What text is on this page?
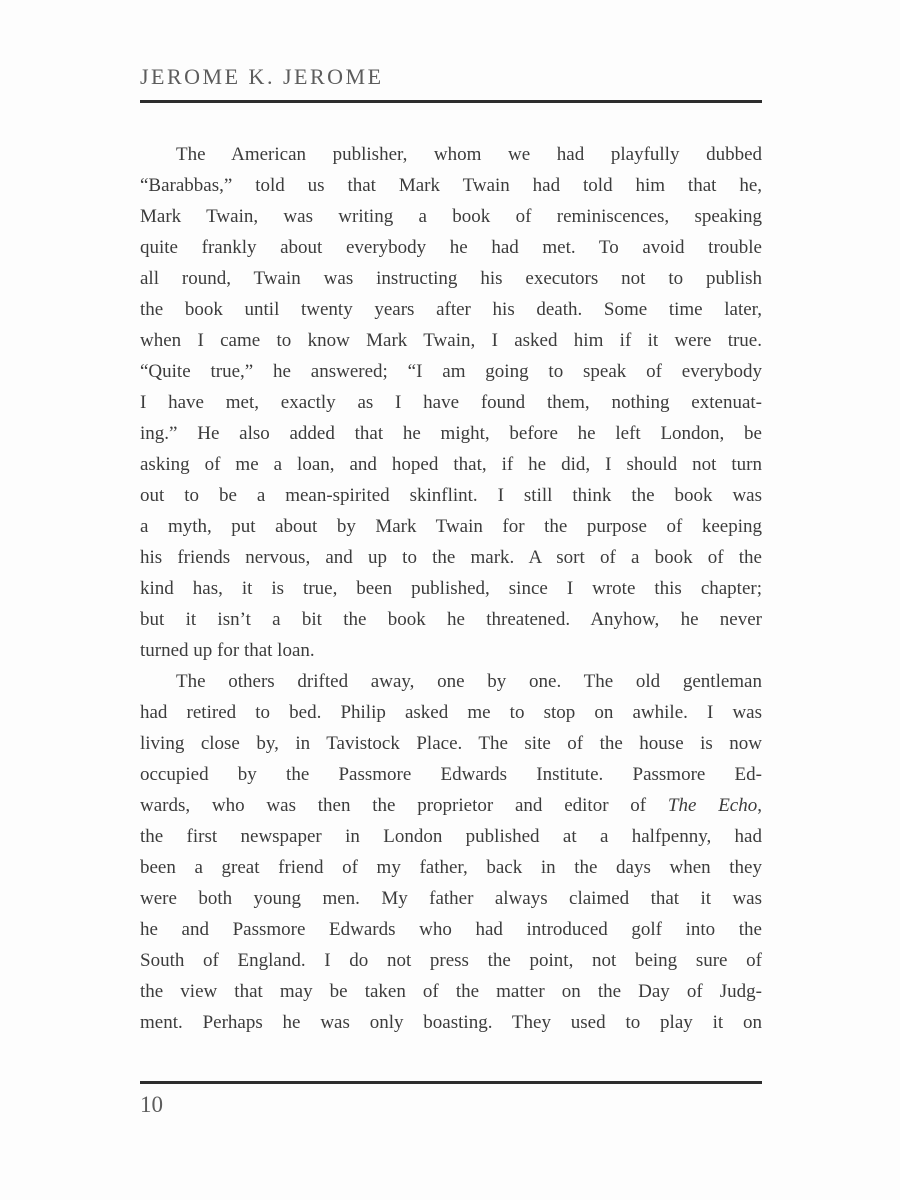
JEROME K. JEROME
The American publisher, whom we had playfully dubbed
“Barabbas,” told us that Mark Twain had told him that he,
Mark Twain, was writing a book of reminiscences, speaking
quite frankly about everybody he had met. To avoid trouble
all round, Twain was instructing his executors not to publish
the book until twenty years after his death. Some time later,
when I came to know Mark Twain, I asked him if it were true.
“Quite true,” he answered; “I am going to speak of everybody
I have met, exactly as I have found them, nothing extenuat-
ing.” He also added that he might, before he left London, be
asking of me a loan, and hoped that, if he did, I should not turn
out to be a mean-spirited skinflint. I still think the book was
a myth, put about by Mark Twain for the purpose of keeping
his friends nervous, and up to the mark. A sort of a book of the
kind has, it is true, been published, since I wrote this chapter;
but it isn’t a bit the book he threatened. Anyhow, he never
turned up for that loan.
The others drifted away, one by one. The old gentleman
had retired to bed. Philip asked me to stop on awhile. I was
living close by, in Tavistock Place. The site of the house is now
occupied by the Passmore Edwards Institute. Passmore Ed-
wards, who was then the proprietor and editor of The Echo,
the first newspaper in London published at a halfpenny, had
been a great friend of my father, back in the days when they
were both young men. My father always claimed that it was
he and Passmore Edwards who had introduced golf into the
South of England. I do not press the point, not being sure of
the view that may be taken of the matter on the Day of Judg-
ment. Perhaps he was only boasting. They used to play it on
10
